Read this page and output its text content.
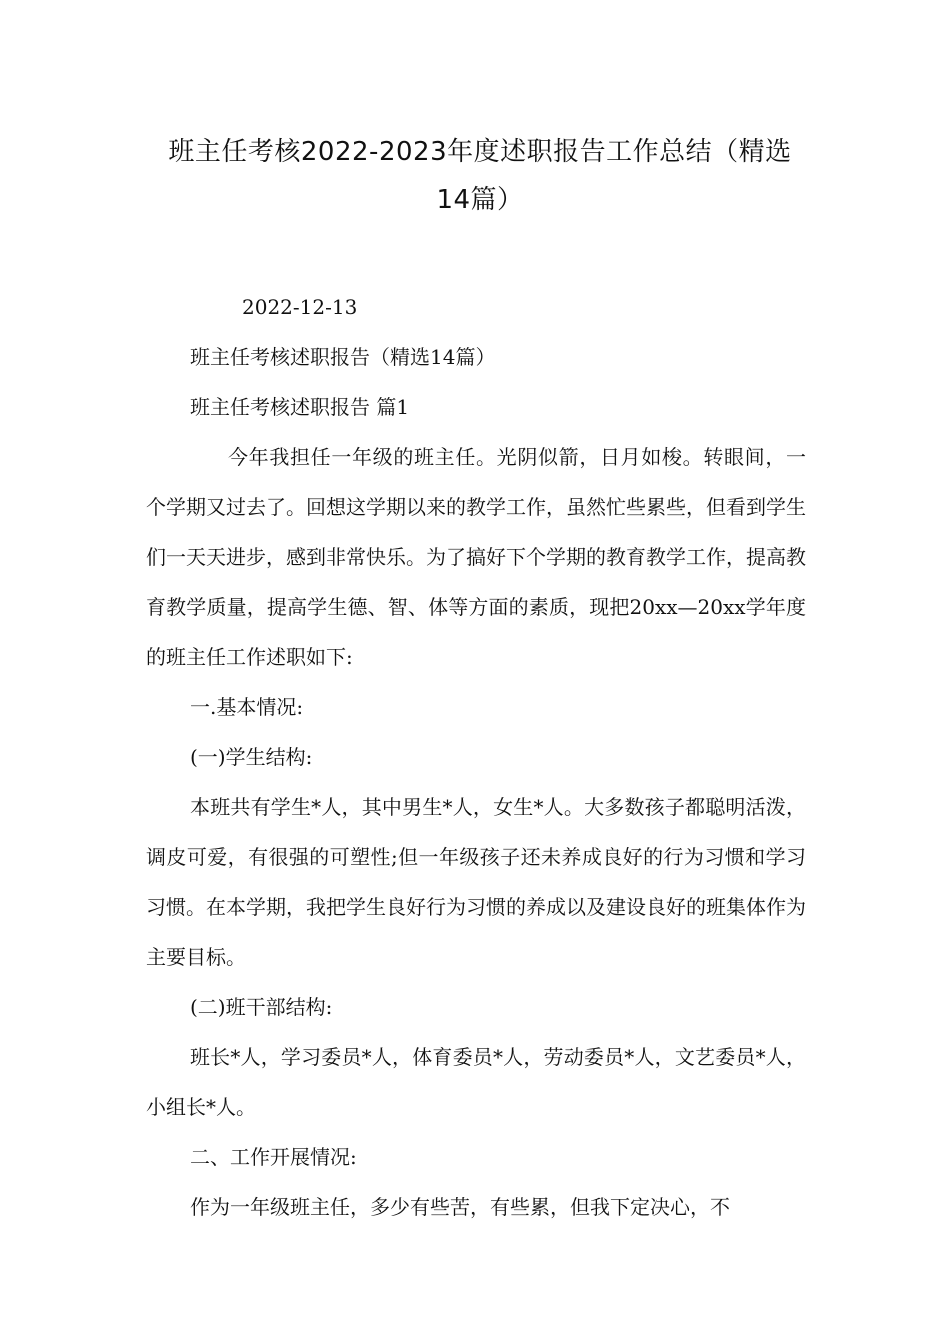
班主任考核2022-2023年度述职报告工作总结（精选
14篇）

2022-12-13

班主任考核述职报告（精选14篇）

班主任考核述职报告 篇1

今年我担任一年级的班主任。光阴似箭，日月如梭。转眼间，一个学期又过去了。回想这学期以来的教学工作，虽然忙些累些，但看到学生们一天天进步，感到非常快乐。为了搞好下个学期的教育教学工作，提高教育教学质量，提高学生德、智、体等方面的素质，现把20xx—20xx学年度的班主任工作述职如下:

一.基本情况:

(一)学生结构:

本班共有学生*人，其中男生*人，女生*人。大多数孩子都聪明活泼，调皮可爱，有很强的可塑性;但一年级孩子还未养成良好的行为习惯和学习习惯。在本学期，我把学生良好行为习惯的养成以及建设良好的班集体作为主要目标。

(二)班干部结构:

班长*人，学习委员*人，体育委员*人，劳动委员*人，文艺委员*人，小组长*人。

二、工作开展情况:

作为一年级班主任，多少有些苦，有些累，但我下定决心，不
